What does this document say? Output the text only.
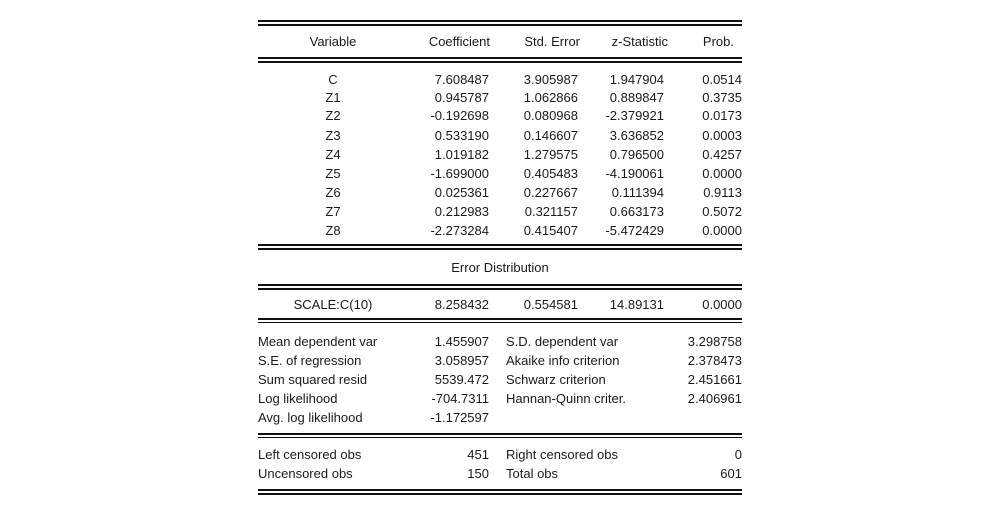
Variable	Coefficient	Std. Error z-Statistic	Prob.
C	7.608487	3.905987 1.947904	0.0514
Z1	0.945787	1.062866 0.889847	0.3735
Z2	-0.192698	0.080968 -2.379921	0.0173
Z3	0.533190	0.146607 3.636852	0.0003
Z4	1.019182	1.279575 0.796500	0.4257
Z5	-1.699000	0.405483 -4.190061	0.0000
Z6	0.025361	0.227667	0.111394	0.9113
Z7	0.212983	0.321157 0.663173	0.5072
Z8	-2.273284	0.415407 -5.472429	0.0000
Error Distribution
SCALE:C(10)	8.258432	0.554581 14.89131	0.0000
Mean dependent var	1.455907 S.D. dependent var	3.298758
S.E. of regression	3.058957 Akaike info criterion	2.378473
Sum squared resid	5539.472 Schwarz criterion	2.451661
Log likelihood	-704.7311 Hannan-Quinn criter.	2.406961
Avg. log likelihood	-1.172597
Left censored obs	451 Right censored obs	0
Uncensored obs	150 Total obs	601
